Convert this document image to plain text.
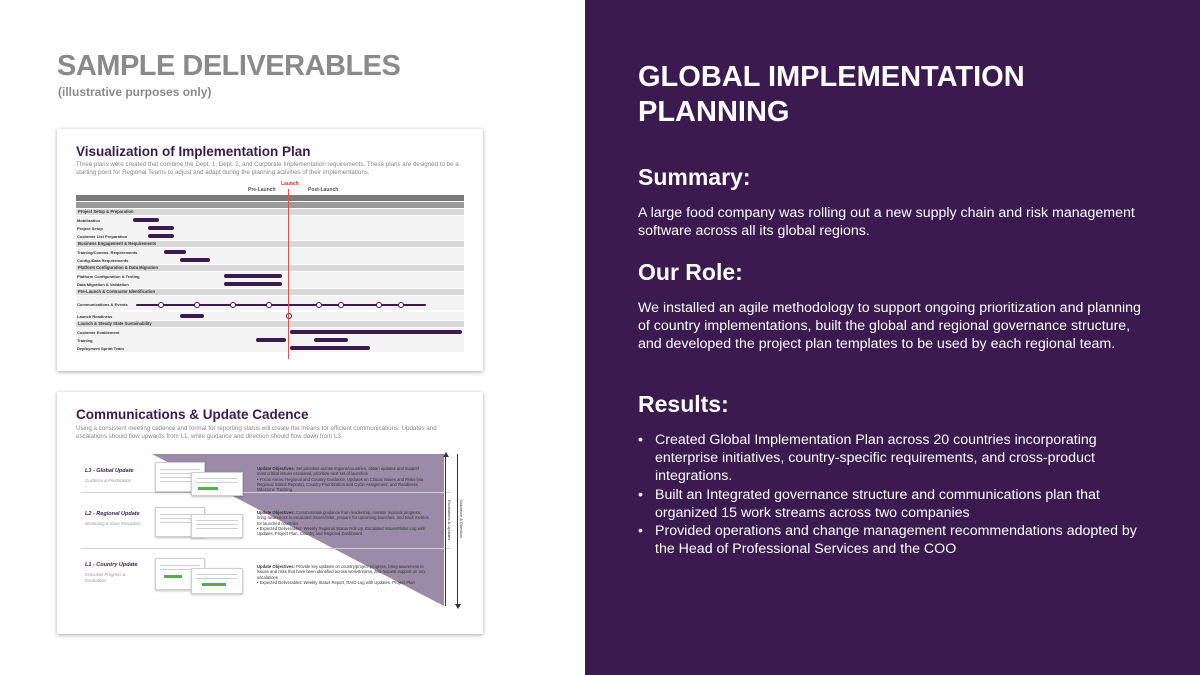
SAMPLE DELIVERABLES
(illustrative purposes only)
Visualization of Implementation Plan
Three plans were created that combine the Dept. 1, Dept. 2, and Corporate Implementation requirements. These plans are designed to be a starting point for Regional Teams to adjust and adapt during the planning activities of their implementations.
Pre-Launch
Launch
Post-Launch
Project Setup & Preparation
Mobilization
Project Setup
Customer List Preparation
Business Engagement & Requirements
Training/Comms. Requirements
Config./Data Requirements
Platform Configuration & Data Migration
Platform Configuration & Testing
Data Migration & Validation
Pre-Launch & Contractor Identification
Communications & Events
Launch Readiness
Launch & Steady State Sustainability
Customer Enablement
Training
Deployment Sprint Team
Communications & Update Cadence
Using a consistent meeting cadence and format for reporting status will create the means for efficient communications. Updates and escalations should flow upwards from L1, while guidance and direction should flow down from L3.
L3 - Global Update
Guidance & Prioritization
Update Objectives: Set priorities across regions/countries, obtain updates and support most critical issues escalated, prioritize next set of launches
• Focus Areas: Regional and Country Guidance, Updates on Critical Issues and Risks (via Regional Status Reports), Country Prioritization and Cycle Assignment, and Readiness Milestone Tracking
L2 - Regional Update
Monitoring & Issue Resolution
Update Objectives: Communicate guidance from leadership, monitor regional progress, bring awareness to escalated issues/risks, prepare for upcoming launches, and track metrics for launched countries
• Expected Deliverables: Weekly Regional Status Roll Up, Escalated Issues/Risks Log with Updates, Project Plan, Country and Regional Dashboard
L1 - Country Update
Execution Progress & Escalations
Update Objectives: Provide key updates on country/project progress, bring awareness to issues and risks that have been identified across workstreams, and request support on any escalations
• Expected Deliverables: Weekly Status Report, RAID Log with Updates, Project Plan
Escalations & Updates Guidance & Direction
GLOBAL IMPLEMENTATION PLANNING
Summary:
A large food company was rolling out a new supply chain and risk management software across all its global regions.
Our Role:
We installed an agile methodology to support ongoing prioritization and planning of country implementations, built the global and regional governance structure, and developed the project plan templates to be used by each regional team.
Results:
• Created Global Implementation Plan across 20 countries incorporating enterprise initiatives, country-specific requirements, and cross-product integrations.
• Built an Integrated governance structure and communications plan that organized 15 work streams across two companies
• Provided operations and change management recommendations adopted by the Head of Professional Services and the COO
